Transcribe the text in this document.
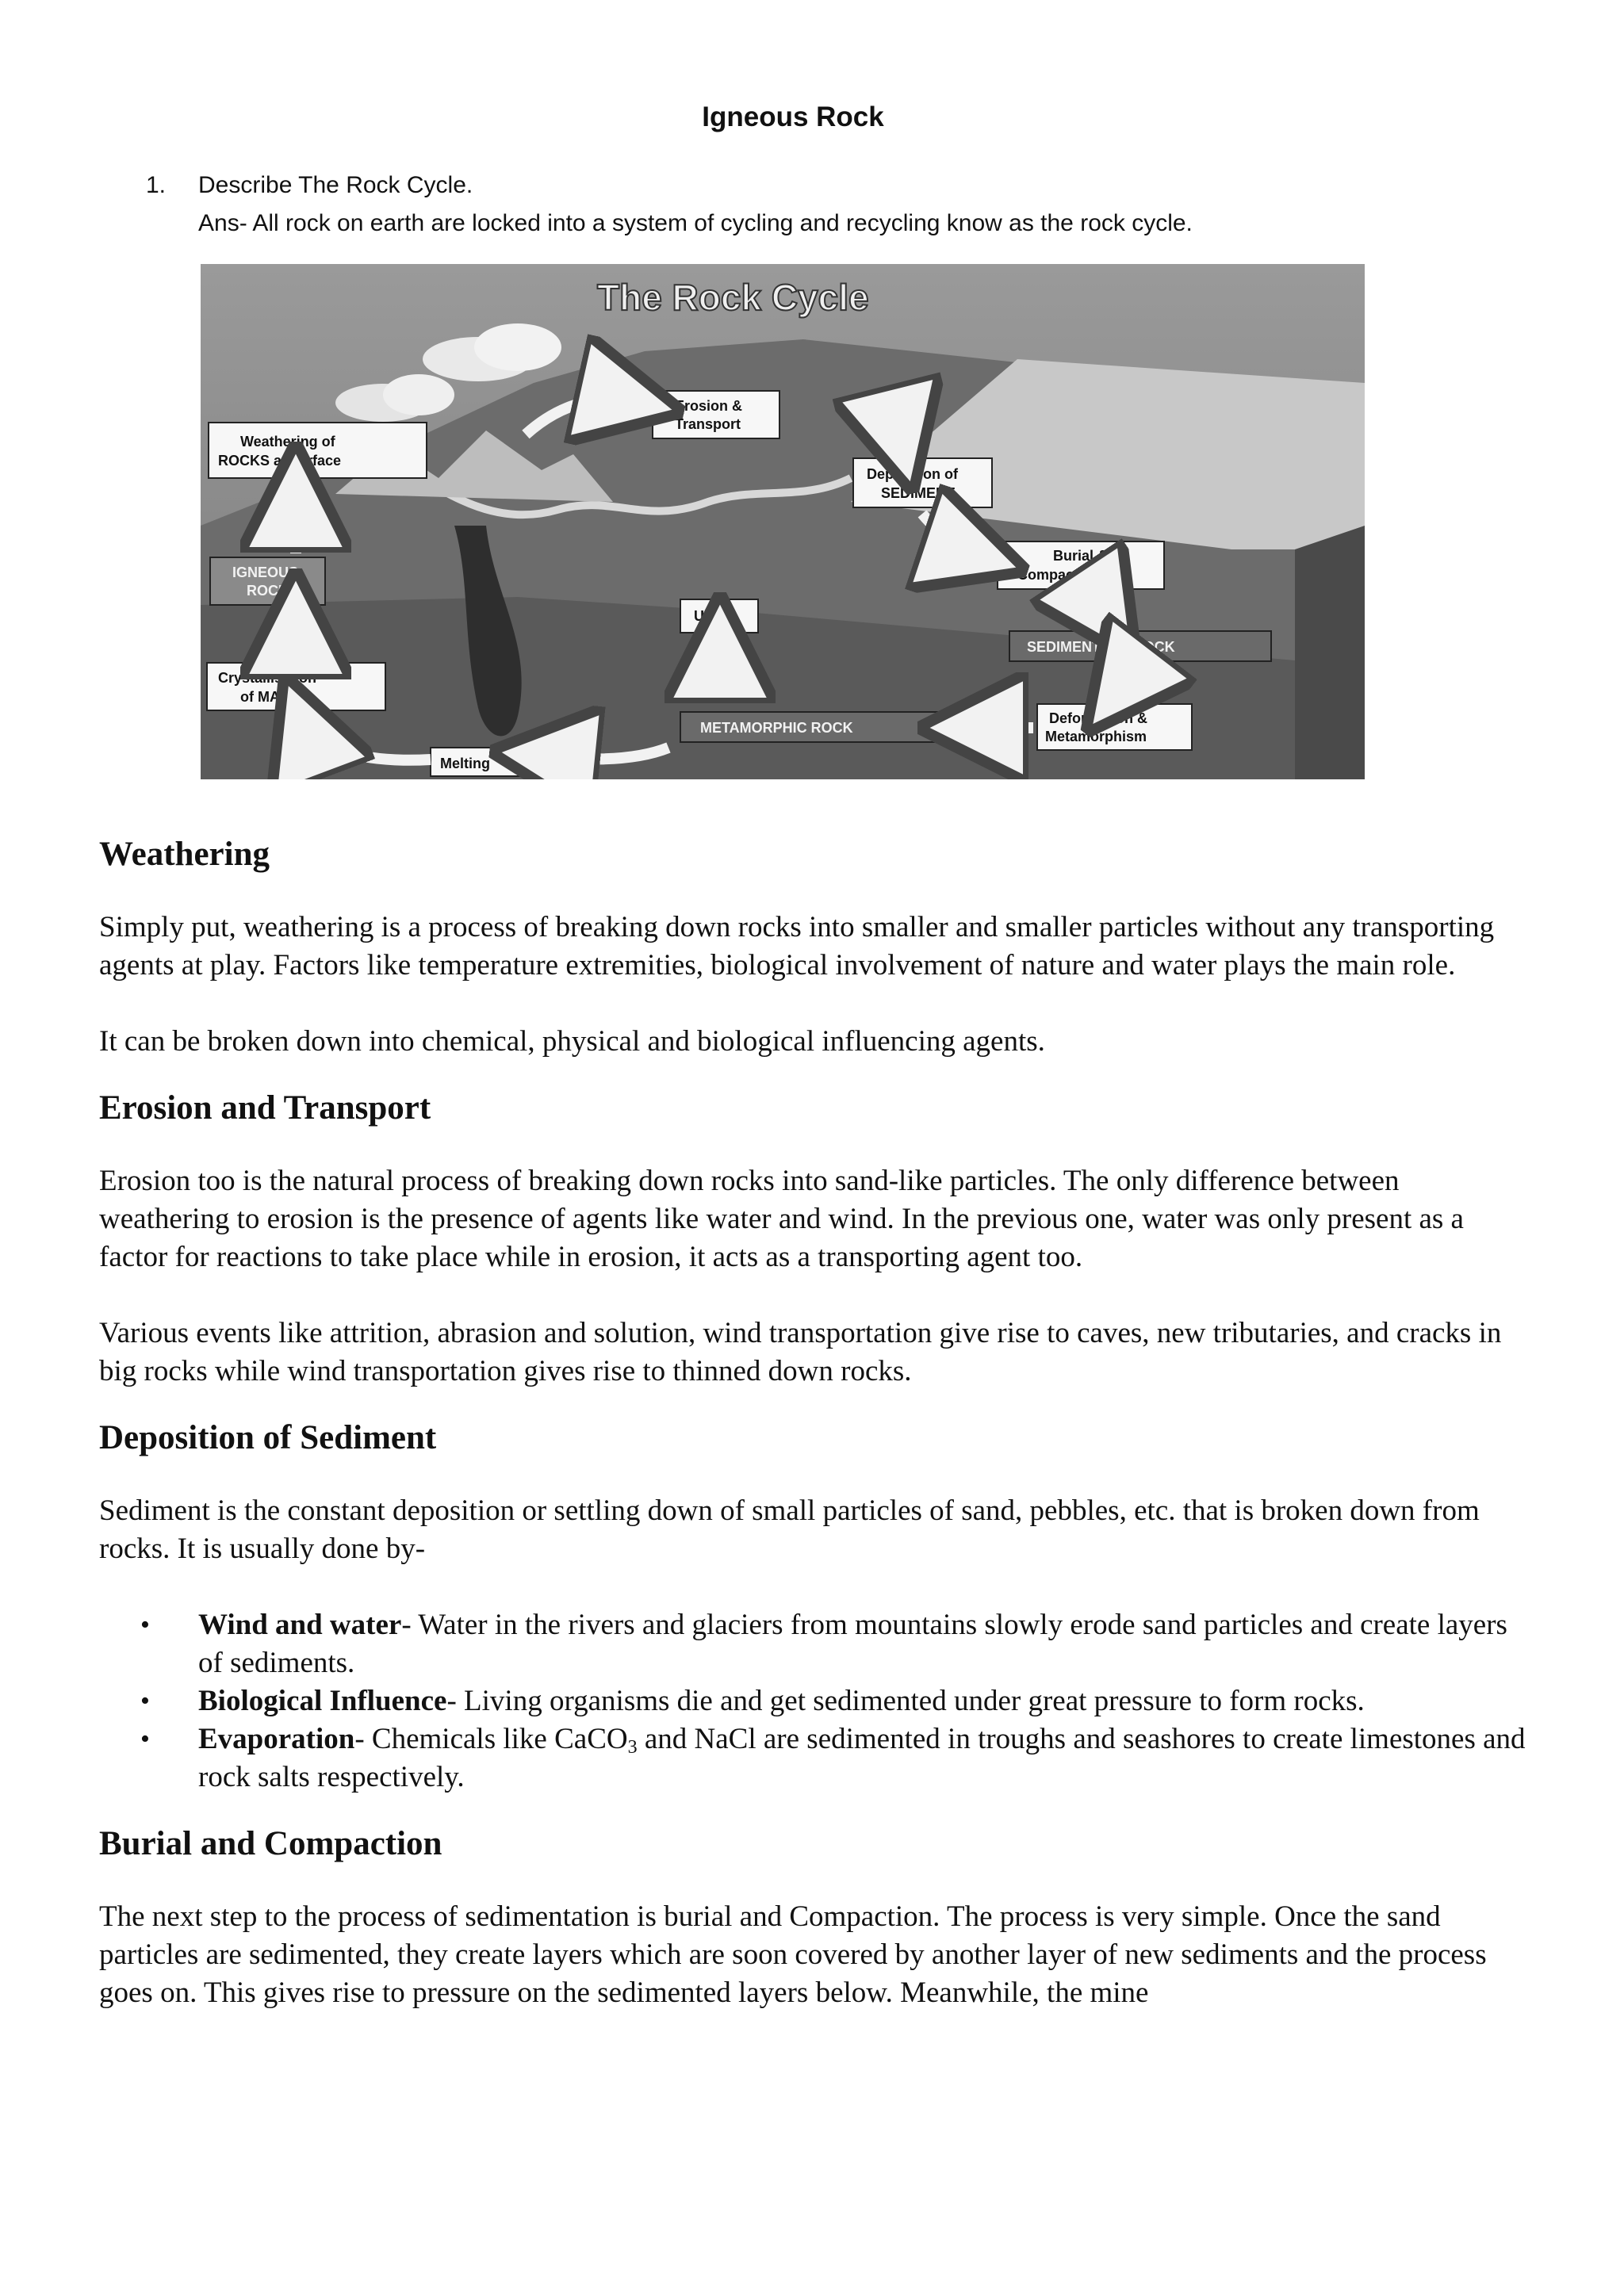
Igneous Rock
1. Describe The Rock Cycle.
Ans- All rock on earth are locked into a system of cycling and recycling know as the rock cycle.
The Rock Cycle
Weathering of
ROCKS at surface
Erosion &
Transport
Deposition of
SEDIMENT
Burial &
Compaction
IGNEOUS
ROCK
Uplift
SEDIMENTARY ROCK
Crystallisation
of MAGMA
METAMORPHIC ROCK
Deformation &
Metamorphism
Melting
Weathering

Simply put, weathering is a process of breaking down rocks into smaller and smaller particles without any transporting agents at play. Factors like temperature extremities, biological involvement of nature and water plays the main role.

It can be broken down into chemical, physical and biological influencing agents.

Erosion and Transport

Erosion too is the natural process of breaking down rocks into sand-like particles. The only difference between weathering to erosion is the presence of agents like water and wind. In the previous one, water was only present as a factor for reactions to take place while in erosion, it acts as a transporting agent too.

Various events like attrition, abrasion and solution, wind transportation give rise to caves, new tributaries, and cracks in big rocks while wind transportation gives rise to thinned down rocks.

Deposition of Sediment

Sediment is the constant deposition or settling down of small particles of sand, pebbles, etc. that is broken down from rocks. It is usually done by-

• Wind and water- Water in the rivers and glaciers from mountains slowly erode sand particles and create layers of sediments.
• Biological Influence- Living organisms die and get sedimented under great pressure to form rocks.
• Evaporation- Chemicals like CaCO$_3$ and NaCl are sedimented in troughs and seashores to create limestones and rock salts respectively.
Burial and Compaction

The next step to the process of sedimentation is burial and Compaction. The process is very simple. Once the sand particles are sedimented, they create layers which are soon covered by another layer of new sediments and the process goes on. This gives rise to pressure on the sedimented layers below. Meanwhile, the mine
